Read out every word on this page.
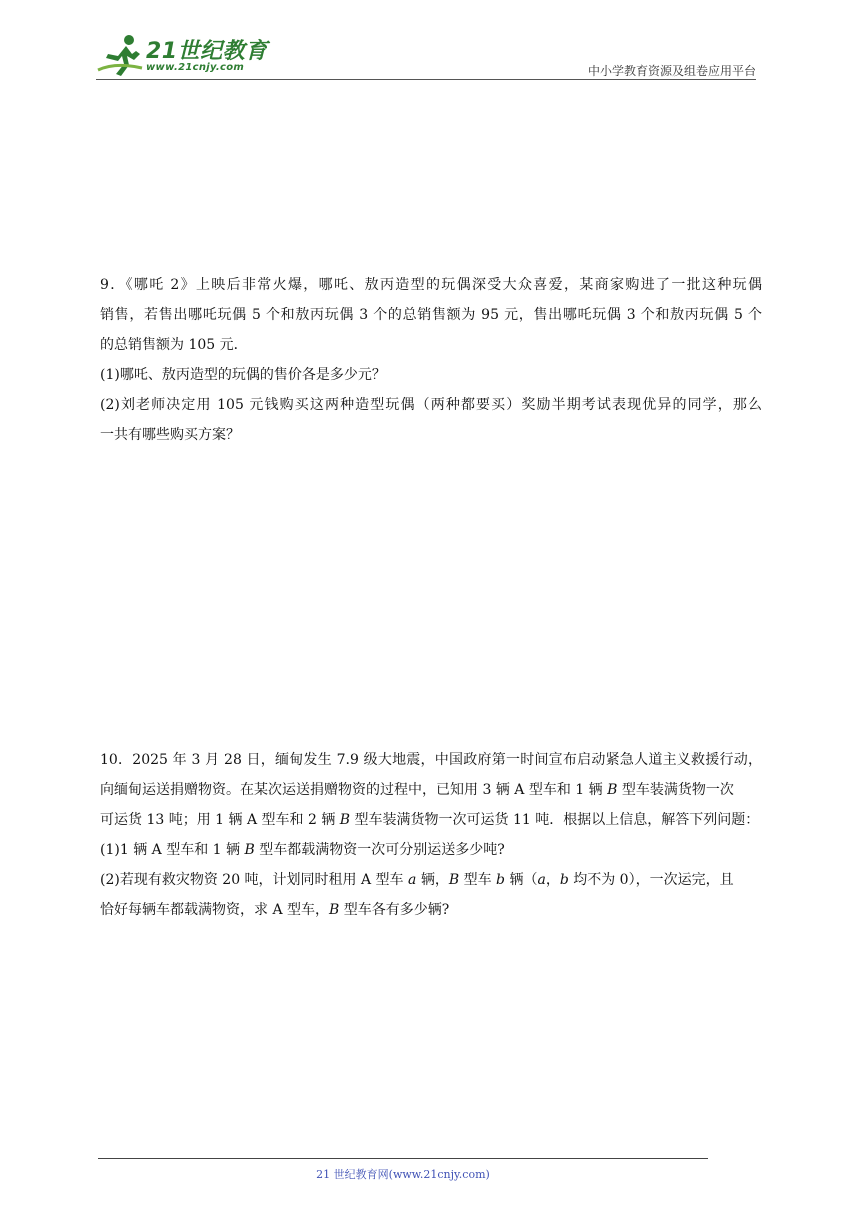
21世纪教育
www.21cnjy.com	中小学教育资源及组卷应用平台
9．《哪吒 2》上映后非常火爆，哪吒、敖丙造型的玩偶深受大众喜爱，某商家购进了一批这种玩偶
销售，若售出哪吒玩偶 5 个和敖丙玩偶 3 个的总销售额为 95 元，售出哪吒玩偶 3 个和敖丙玩偶 5 个
的总销售额为 105 元．
(1)哪吒、敖丙造型的玩偶的售价各是多少元？
(2)刘老师决定用 105 元钱购买这两种造型玩偶（两种都要买）奖励半期考试表现优异的同学，那么
一共有哪些购买方案？
10．2025 年 3 月 28 日，缅甸发生 7.9 级大地震，中国政府第一时间宣布启动紧急人道主义救援行动，
向缅甸运送捐赠物资。在某次运送捐赠物资的过程中，已知用 3 辆 A 型车和 1 辆 B 型车装满货物一次
可运货 13 吨；用 1 辆 A 型车和 2 辆 B 型车装满货物一次可运货 11 吨．根据以上信息，解答下列问题：
(1)1 辆 A 型车和 1 辆 B 型车都载满物资一次可分别运送多少吨?
(2)若现有救灾物资 20 吨，计划同时租用 A 型车 a 辆，B 型车 b 辆（a，b 均不为 0），一次运完，且
恰好每辆车都载满物资，求 A 型车，B 型车各有多少辆?
21 世纪教育网(www.21cnjy.com)
